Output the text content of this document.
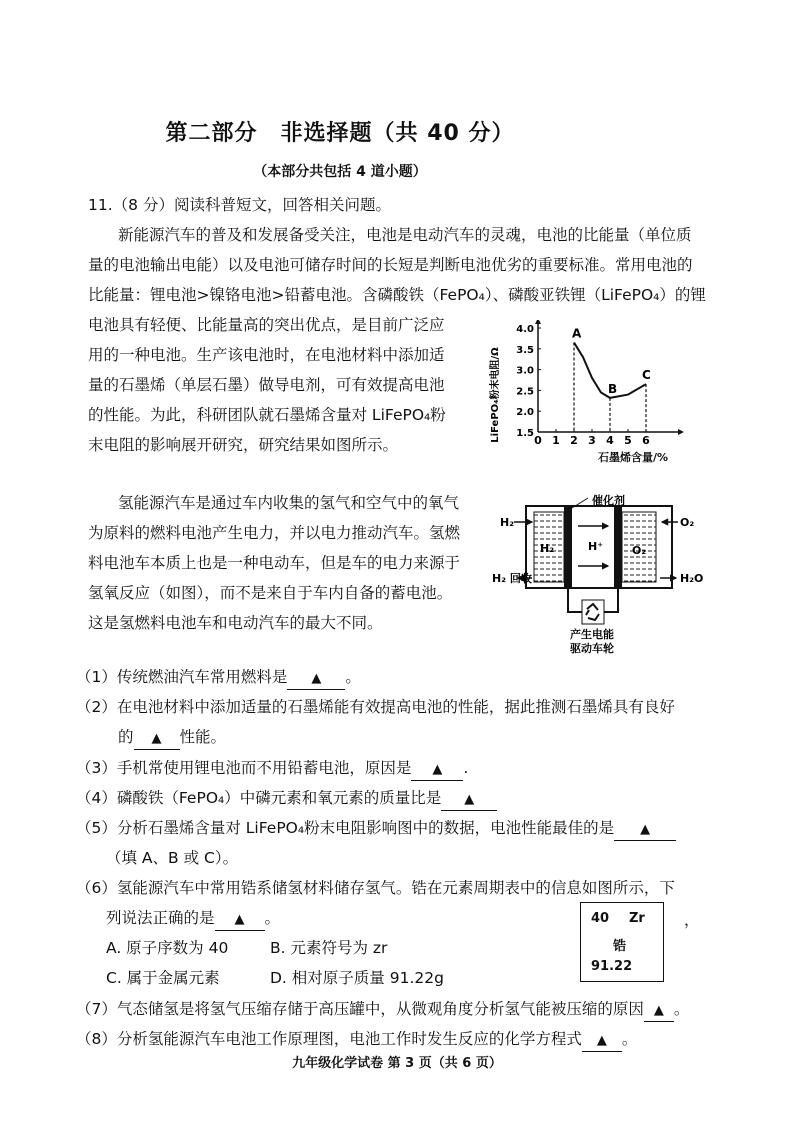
第二部分　非选择题（共 40 分）
（本部分共包括 4 道小题）
11.（8 分）阅读科普短文，回答相关问题。
新能源汽车的普及和发展备受关注，电池是电动汽车的灵魂，电池的比能量（单位质
量的电池输出电能）以及电池可储存时间的长短是判断电池优劣的重要标准。常用电池的
比能量：锂电池>镍铬电池>铅蓄电池。含磷酸铁（FePO₄）、磷酸亚铁锂（LiFePO₄）的锂
电池具有轻便、比能量高的突出优点，是目前广泛应
用的一种电池。生产该电池时，在电池材料中添加适
量的石墨烯（单层石墨）做导电剂，可有效提高电池
的性能。为此，科研团队就石墨烯含量对 LiFePO₄粉
末电阻的影响展开研究，研究结果如图所示。	0 1 2 3 4 5 6
1.5
2.0
2.5
3.0
3.5
4.0	A
B
C
LiFePO₄粉末电阻/Ω
石墨烯含量/%
氢能源汽车是通过车内收集的氢气和空气中的氧气
为原料的燃料电池产生电力，并以电力推动汽车。氢燃
料电池车本质上也是一种电动车，但是车的电力来源于
氢氧反应（如图），而不是来自于车内自备的蓄电池。
这是氢燃料电池车和电动汽车的最大不同。
催化剂
H₂	O₂
H₂	O₂
H⁺
H₂ 回收	H₂O
产生电能
驱动车轮
（1）传统燃油汽车常用燃料是 ▲ 。
（2）在电池材料中添加适量的石墨烯能有效提高电池的性能，据此推测石墨烯具有良好
的 ▲ 性能。
（3）手机常使用锂电池而不用铅蓄电池，原因是 ▲ .
（4）磷酸铁（FePO₄）中磷元素和氧元素的质量比是 ▲
（5）分析石墨烯含量对 LiFePO₄粉末电阻影响图中的数据，电池性能最佳的是 ▲
（填 A、B 或 C）。
（6）氢能源汽车中常用锆系储氢材料储存氢气。锆在元素周期表中的信息如图所示，下
列说法正确的是 ▲ 。
A. 原子序数为 40	B. 元素符号为 zr
C. 属于金属元素	D. 相对原子质量 91.22g
40 Zr
锆
91.22
，
（7）气态储氢是将氢气压缩存储于高压罐中，从微观角度分析氢气能被压缩的原因 ▲ 。
（8）分析氢能源汽车电池工作原理图，电池工作时发生反应的化学方程式 ▲ 。
九年级化学试卷 第 3 页（共 6 页）
